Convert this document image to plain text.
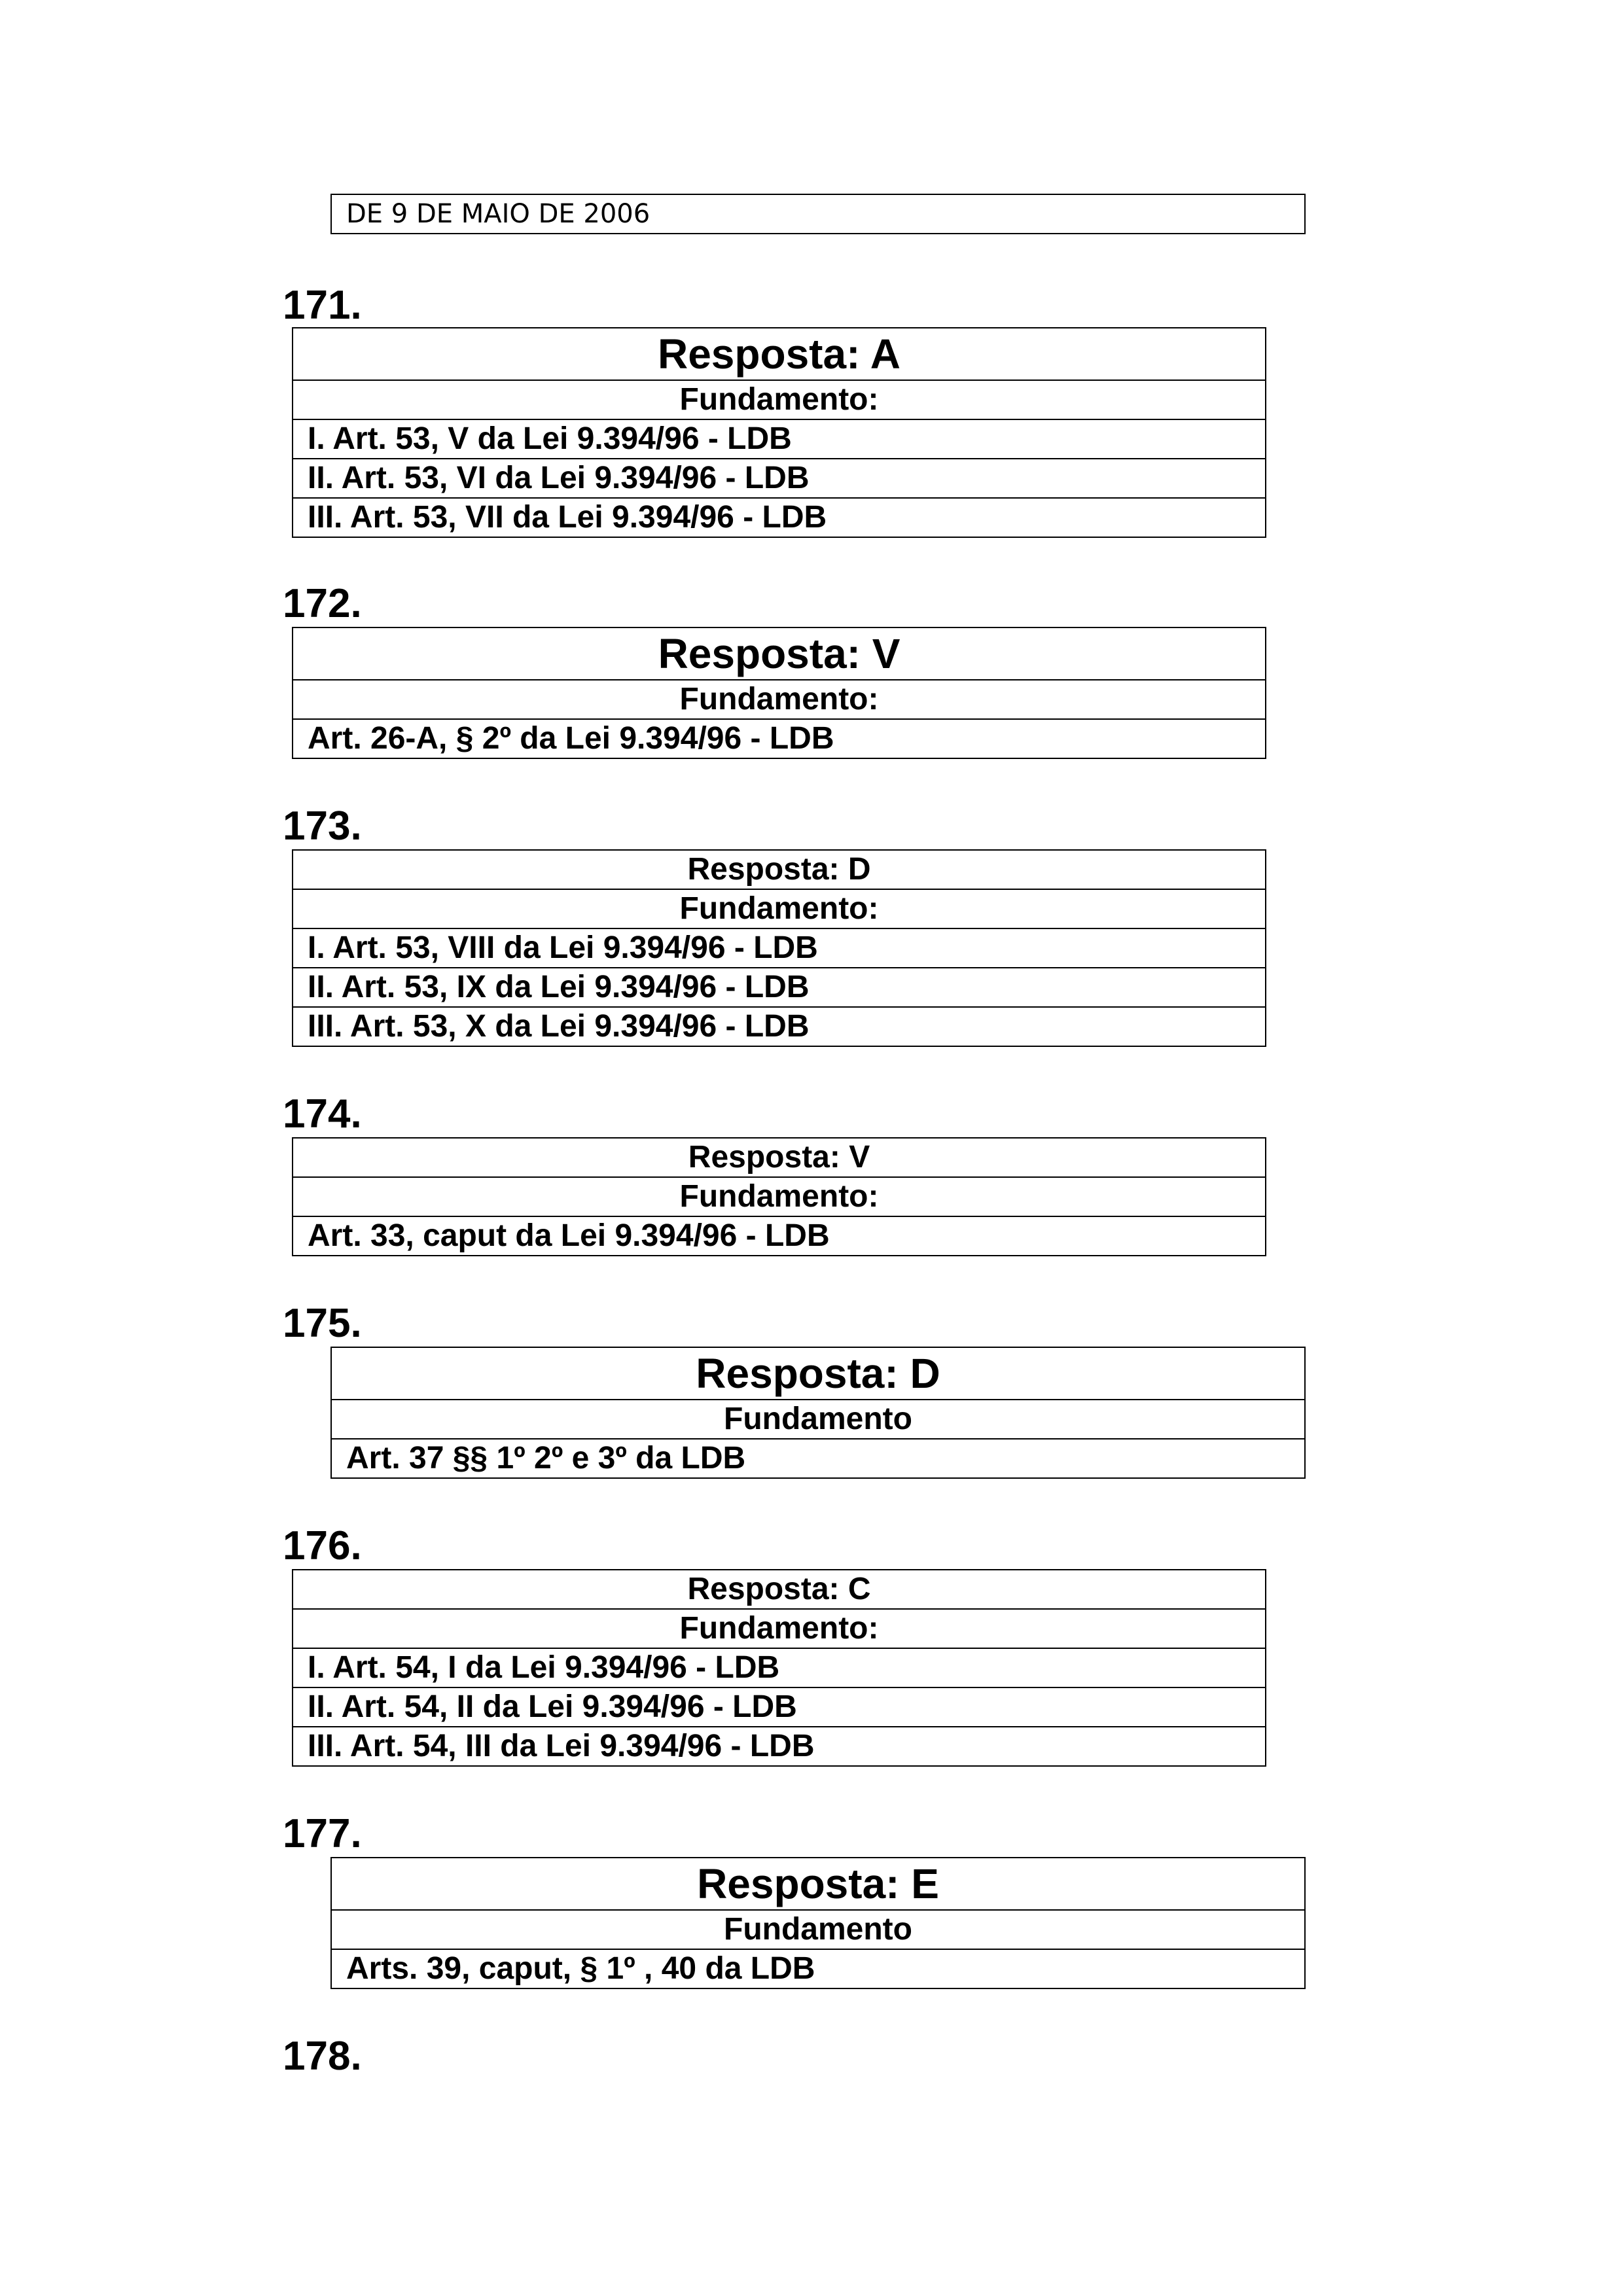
DE 9 DE MAIO DE 2006
171.
Resposta: A
Fundamento:
I. Art. 53, V da Lei 9.394/96 - LDB
II. Art. 53, VI da Lei 9.394/96 - LDB
III. Art. 53, VII da Lei 9.394/96 - LDB
172.
Resposta: V
Fundamento:
Art. 26-A, § 2º da Lei 9.394/96 - LDB
173.
Resposta: D
Fundamento:
I. Art. 53, VIII da Lei 9.394/96 - LDB
II. Art. 53, IX da Lei 9.394/96 - LDB
III. Art. 53, X da Lei 9.394/96 - LDB
174.
Resposta: V
Fundamento:
Art. 33, caput da Lei 9.394/96 - LDB
175.
Resposta: D
Fundamento
Art. 37 §§ 1º 2º e 3º da LDB
176.
Resposta: C
Fundamento:
I. Art. 54, I da Lei 9.394/96 - LDB
II. Art. 54, II da Lei 9.394/96 - LDB
III. Art. 54, III da Lei 9.394/96 - LDB
177.
Resposta: E
Fundamento
Arts. 39, caput, § 1º , 40 da LDB
178.
